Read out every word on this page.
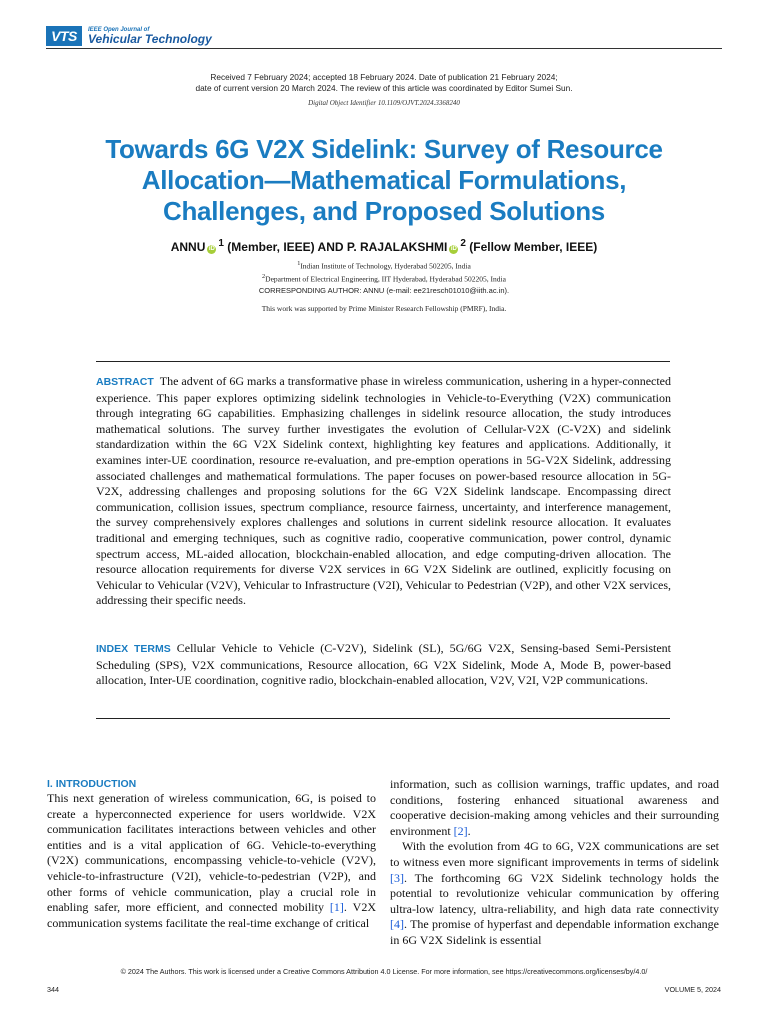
VTS	IEEE Open Journal of
Vehicular Technology
Received 7 February 2024; accepted 18 February 2024. Date of publication 21 February 2024;
date of current version 20 March 2024. The review of this article was coordinated by Editor Sumei Sun.
Digital Object Identifier 10.1109/OJVT.2024.3368240
Towards 6G V2X Sidelink: Survey of Resource
Allocation—Mathematical Formulations,
Challenges, and Proposed Solutions
ANNU iD $^1$ (Member, IEEE) AND P. RAJALAKSHMI iD $^2$ (Fellow Member, IEEE)
$^1$Indian Institute of Technology, Hyderabad 502205, India
$^2$Department of Electrical Engineering, IIT Hyderabad, Hyderabad 502205, India
CORRESPONDING AUTHOR: ANNU (e-mail: ee21resch01010@iith.ac.in).
This work was supported by Prime Minister Research Fellowship (PMRF), India.
ABSTRACT The advent of 6G marks a transformative phase in wireless communication, ushering in a hyper-connected experience. This paper explores optimizing sidelink technologies in Vehicle-to-Everything (V2X) communication through integrating 6G capabilities. Emphasizing challenges in sidelink resource allocation, the study introduces mathematical solutions. The survey further investigates the evolution of Cellular-V2X (C-V2X) and sidelink standardization within the 6G V2X Sidelink context, highlighting key features and applications. Additionally, it examines inter-UE coordination, resource re-evaluation, and pre-emption operations in 5G-V2X Sidelink, addressing associated challenges and mathematical formulations. The paper focuses on power-based resource allocation in 5G-V2X, addressing challenges and proposing solutions for the 6G V2X Sidelink landscape. Encompassing direct communication, collision issues, spectrum compliance, resource fairness, uncertainty, and interference management, the survey comprehensively explores challenges and solutions in current sidelink resource allocation. It evaluates traditional and emerging techniques, such as cognitive radio, cooperative communication, power control, dynamic spectrum access, ML-aided allocation, blockchain-enabled allocation, and edge computing-driven allocation. The resource allocation requirements for diverse V2X services in 6G V2X Sidelink are outlined, explicitly focusing on Vehicular to Vehicular (V2V), Vehicular to Infrastructure (V2I), Vehicular to Pedestrian (V2P), and other V2X services, addressing their specific needs.
INDEX TERMS Cellular Vehicle to Vehicle (C-V2V), Sidelink (SL), 5G/6G V2X, Sensing-based Semi-Persistent Scheduling (SPS), V2X communications, Resource allocation, 6G V2X Sidelink, Mode A, Mode B, power-based allocation, Inter-UE coordination, cognitive radio, blockchain-enabled allocation, V2V, V2I, V2P communications.
I. INTRODUCTION

This next generation of wireless communication, 6G, is poised to create a hyperconnected experience for users worldwide. V2X communication facilitates interactions between vehicles and other entities and is a vital application of 6G. Vehicle-to-everything (V2X) communications, encompassing vehicle-to-vehicle (V2V), vehicle-to-infrastructure (V2I), vehicle-to-pedestrian (V2P), and other forms of vehicle communication, play a crucial role in enabling safer, more efficient, and connected mobility [1]. V2X communication systems facilitate the real-time exchange of critical

information, such as collision warnings, traffic updates, and road conditions, fostering enhanced situational awareness and cooperative decision-making among vehicles and their surrounding environment [2].

With the evolution from 4G to 6G, V2X communications are set to witness even more significant improvements in terms of sidelink [3]. The forthcoming 6G V2X Sidelink technology holds the potential to revolutionize vehicular communication by offering ultra-low latency, ultra-reliability, and high data rate connectivity [4]. The promise of hyperfast and dependable information exchange in 6G V2X Sidelink is essential

© 2024 The Authors. This work is licensed under a Creative Commons Attribution 4.0 License. For more information, see https://creativecommons.org/licenses/by/4.0/
344	VOLUME 5, 2024
